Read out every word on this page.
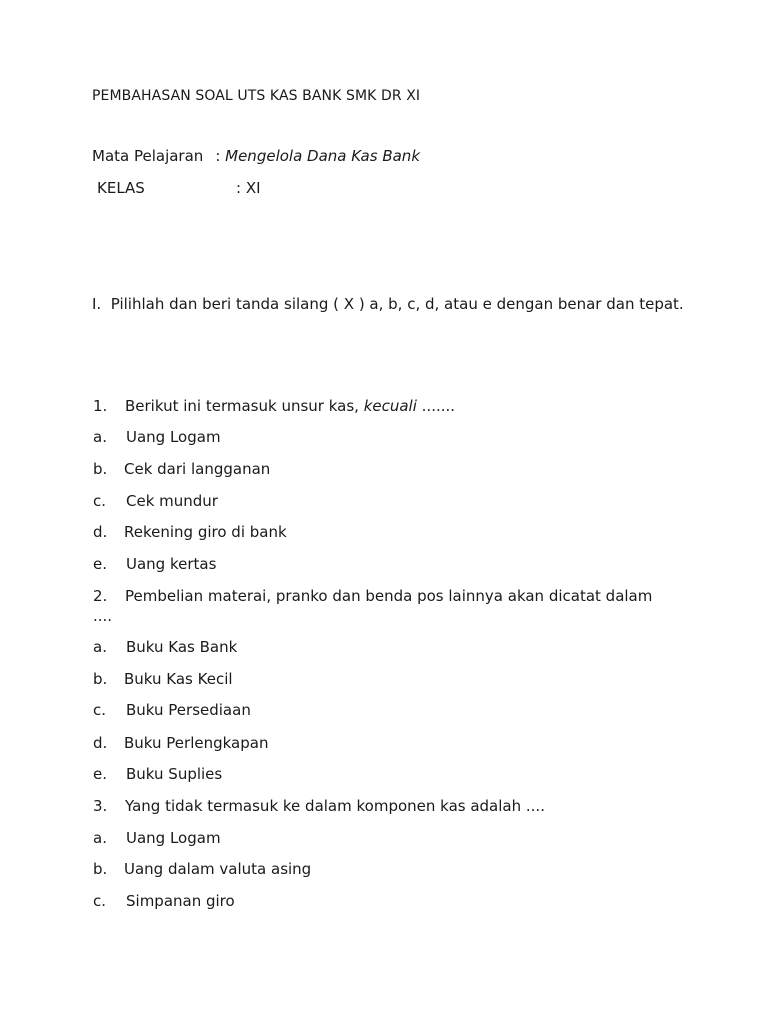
PEMBAHASAN SOAL UTS KAS BANK SMK DR XI
Mata Pelajaran : Mengelola Dana Kas Bank
KELAS	: XI
I. Pilihlah dan beri tanda silang ( X ) a, b, c, d, atau e dengan benar dan tepat.
1. Berikut ini termasuk unsur kas, kecuali .......
a. Uang Logam
b. Cek dari langganan
c. Cek mundur
d. Rekening giro di bank
e. Uang kertas
2. Pembelian materai, pranko dan benda pos lainnya akan dicatat dalam
....
a. Buku Kas Bank
b. Buku Kas Kecil
c. Buku Persediaan
d. Buku Perlengkapan
e. Buku Suplies
3. Yang tidak termasuk ke dalam komponen kas adalah ....
a. Uang Logam
b. Uang dalam valuta asing
c. Simpanan giro
